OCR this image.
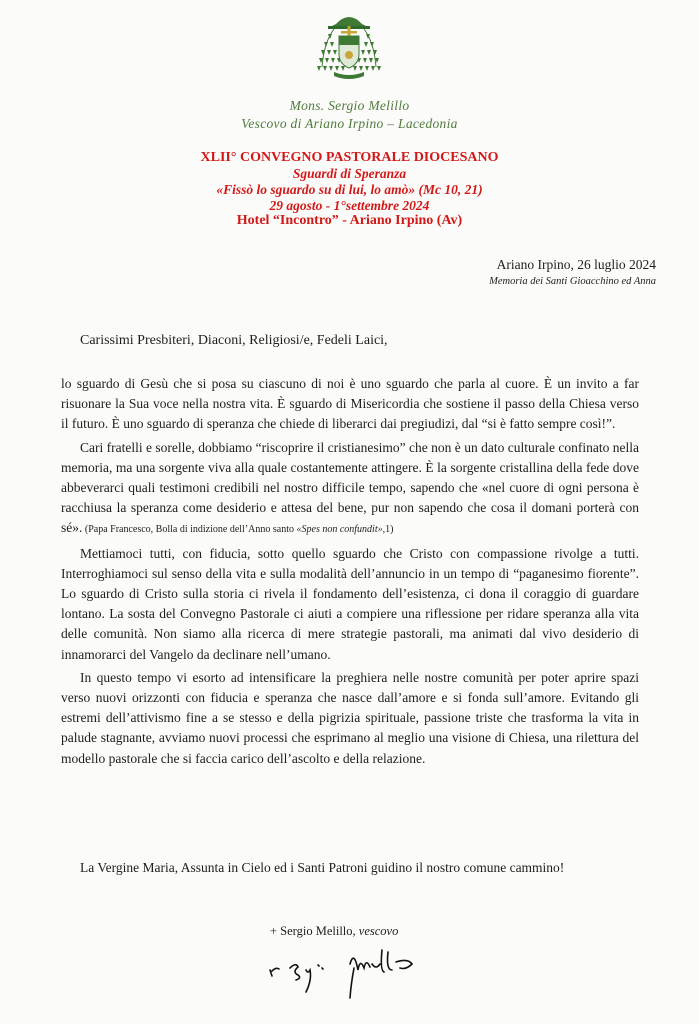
Mons. Sergio Melillo
Vescovo di Ariano Irpino – Lacedonia
XLII° CONVEGNO PASTORALE DIOCESANO
Sguardi di Speranza
«Fissò lo sguardo su di lui, lo amò» (Mc 10, 21)
29 agosto - 1°settembre 2024
Hotel “Incontro” - Ariano Irpino (Av)
Ariano Irpino, 26 luglio 2024
Memoria dei Santi Gioacchino ed Anna
Carissimi Presbiteri, Diaconi, Religiosi/e, Fedeli Laici,

lo sguardo di Gesù che si posa su ciascuno di noi è uno sguardo che parla al cuore. È un invito a far risuonare la Sua voce nella nostra vita. È sguardo di Misericordia che sostiene il passo della Chiesa verso il futuro. È uno sguardo di speranza che chiede di liberarci dai pregiudizi, dal “si è fatto sempre così!”.

Cari fratelli e sorelle, dobbiamo “riscoprire il cristianesimo” che non è un dato culturale confinato nella memoria, ma una sorgente viva alla quale costantemente attingere. È la sorgente cristallina della fede dove abbeverarci quali testimoni credibili nel nostro difficile tempo, sapendo che «nel cuore di ogni persona è racchiusa la speranza come desiderio e attesa del bene, pur non sapendo che cosa il domani porterà con sé». (Papa Francesco, Bolla di indizione dell’Anno santo «Spes non confundit»,1)

Mettiamoci tutti, con fiducia, sotto quello sguardo che Cristo con compassione rivolge a tutti. Interroghiamoci sul senso della vita e sulla modalità dell’annuncio in un tempo di “paganesimo fiorente”. Lo sguardo di Cristo sulla storia ci rivela il fondamento dell’esistenza, ci dona il coraggio di guardare lontano. La sosta del Convegno Pastorale ci aiuti a compiere una riflessione per ridare speranza alla vita delle comunità. Non siamo alla ricerca di mere strategie pastorali, ma animati dal vivo desiderio di innamorarci del Vangelo da declinare nell’umano.

In questo tempo vi esorto ad intensificare la preghiera nelle nostre comunità per poter aprire spazi verso nuovi orizzonti con fiducia e speranza che nasce dall’amore e si fonda sull’amore. Evitando gli estremi dell’attivismo fine a se stesso e della pigrizia spirituale, passione triste che trasforma la vita in palude stagnante, avviamo nuovi processi che esprimano al meglio una visione di Chiesa, una rilettura del modello pastorale che si faccia carico dell’ascolto e della relazione.

La Vergine Maria, Assunta in Cielo ed i Santi Patroni guidino il nostro comune cammino!
+ Sergio Melillo, vescovo
